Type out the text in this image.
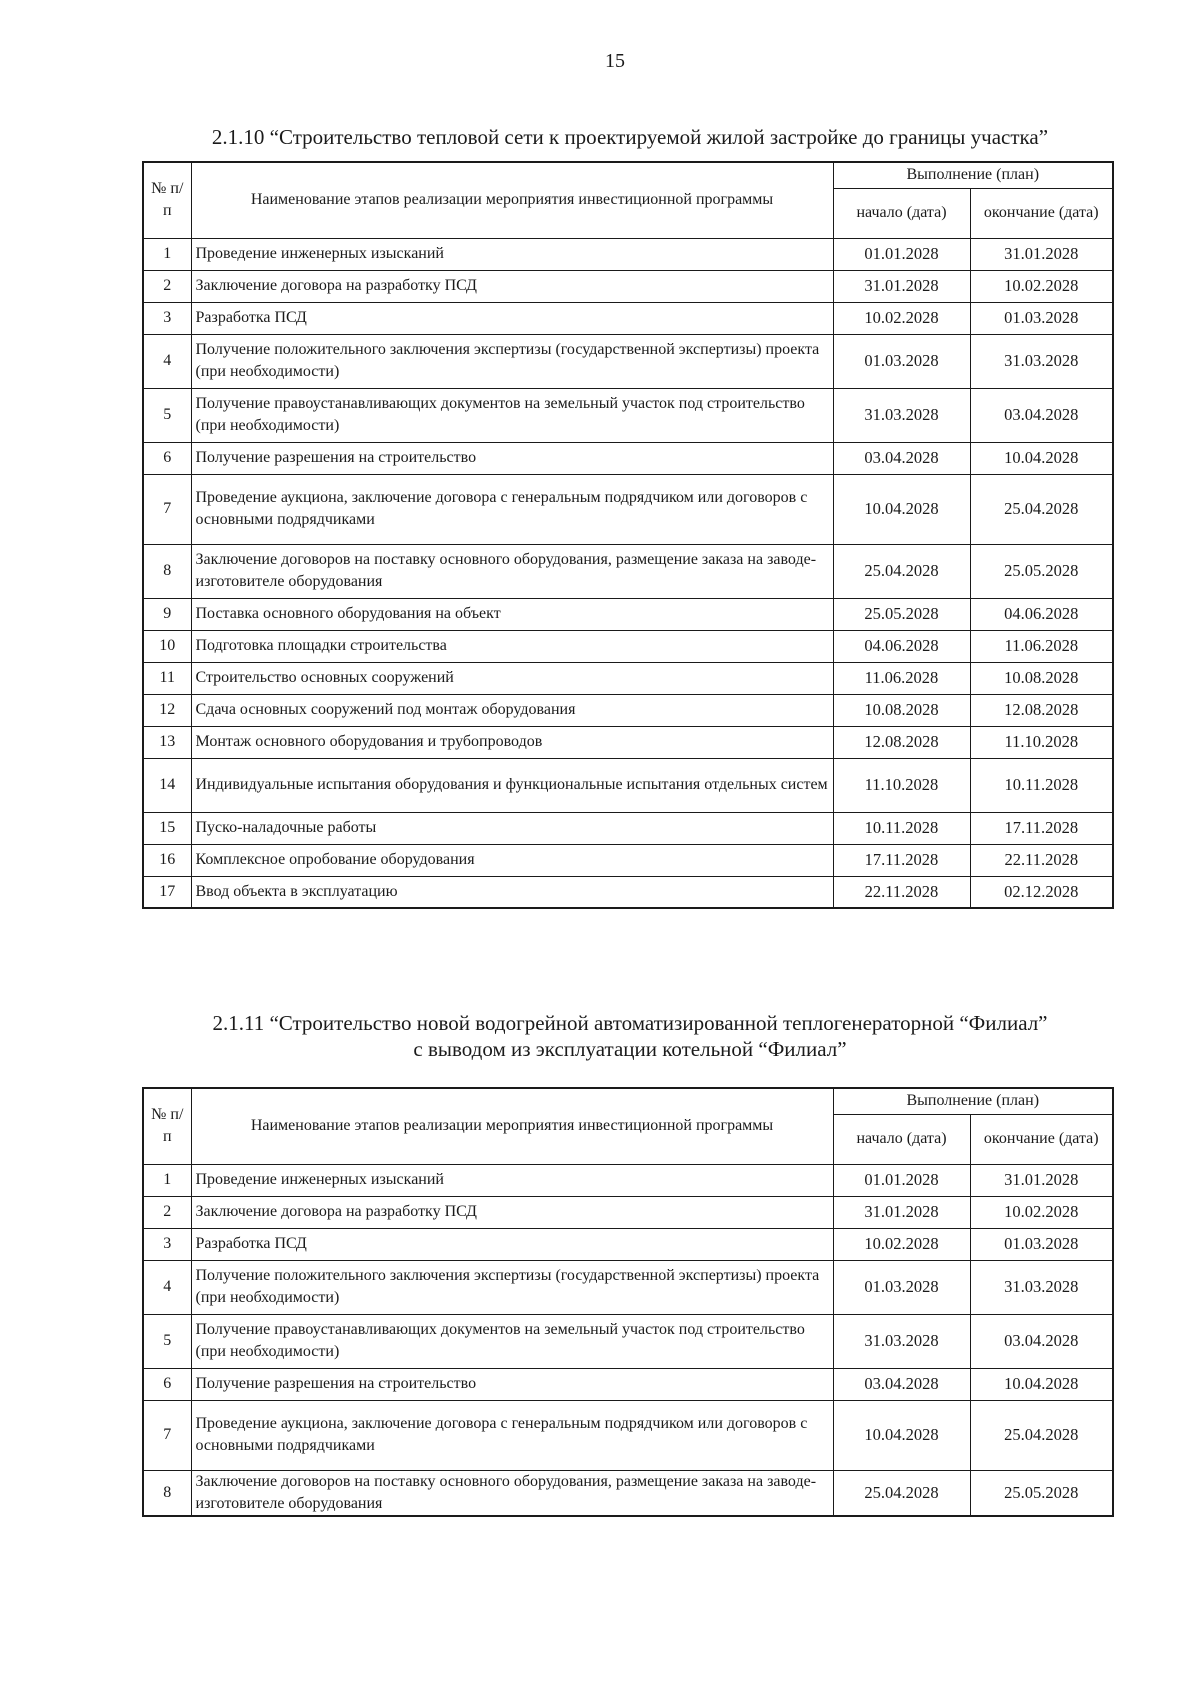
15
2.1.10 “Строительство тепловой сети к проектируемой жилой застройке до границы участка”
№ п/п	Наименование этапов реализации мероприятия инвестиционной программы	Выполнение (план)	
		начало (дата)	окончание (дата)
1	Проведение инженерных изысканий	01.01.2028	31.01.2028
2	Заключение договора на разработку ПСД	31.01.2028	10.02.2028
3	Разработка ПСД	10.02.2028	01.03.2028
4	Получение положительного заключения экспертизы (государственной экспертизы) проекта (при необходимости)	01.03.2028	31.03.2028
5	Получение правоустанавливающих документов на земельный участок под строительство (при необходимости)	31.03.2028	03.04.2028
6	Получение разрешения на строительство	03.04.2028	10.04.2028
7	Проведение аукциона, заключение договора с генеральным подрядчиком или договоров с основными подрядчиками	10.04.2028	25.04.2028
8	Заключение договоров на поставку основного оборудования, размещение заказа на заводе-изготовителе оборудования	25.04.2028	25.05.2028
9	Поставка основного оборудования на объект	25.05.2028	04.06.2028
10	Подготовка площадки строительства	04.06.2028	11.06.2028
11	Строительство основных сооружений	11.06.2028	10.08.2028
12	Сдача основных сооружений под монтаж оборудования	10.08.2028	12.08.2028
13	Монтаж основного оборудования и трубопроводов	12.08.2028	11.10.2028
14	Индивидуальные испытания оборудования и функциональные испытания отдельных систем	11.10.2028	10.11.2028
15	Пуско-наладочные работы	10.11.2028	17.11.2028
16	Комплексное опробование оборудования	17.11.2028	22.11.2028
17	Ввод объекта в эксплуатацию	22.11.2028	02.12.2028
2.1.11 “Строительство новой водогрейной автоматизированной теплогенераторной “Филиал”
с выводом из эксплуатации котельной “Филиал”
№ п/п	Наименование этапов реализации мероприятия инвестиционной программы	Выполнение (план)	
		начало (дата)	окончание (дата)
1	Проведение инженерных изысканий	01.01.2028	31.01.2028
2	Заключение договора на разработку ПСД	31.01.2028	10.02.2028
3	Разработка ПСД	10.02.2028	01.03.2028
4	Получение положительного заключения экспертизы (государственной экспертизы) проекта (при необходимости)	01.03.2028	31.03.2028
5	Получение правоустанавливающих документов на земельный участок под строительство (при необходимости)	31.03.2028	03.04.2028
6	Получение разрешения на строительство	03.04.2028	10.04.2028
7	Проведение аукциона, заключение договора с генеральным подрядчиком или договоров с основными подрядчиками	10.04.2028	25.04.2028
8	Заключение договоров на поставку основного оборудования, размещение заказа на заводе-изготовителе оборудования	25.04.2028	25.05.2028
